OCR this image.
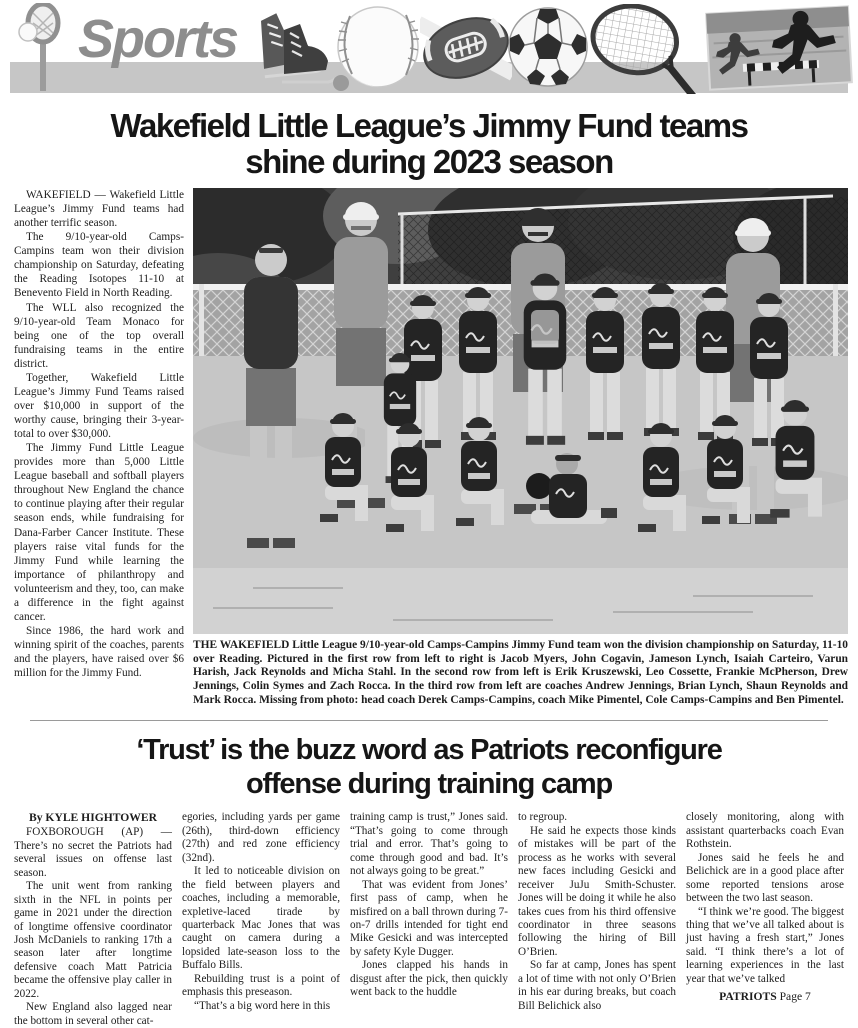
Sports
Wakefield Little League’s Jimmy Fund teams
shine during 2023 season

WAKEFIELD — Wakefield Little League’s Jimmy Fund teams had another terrific season.

The 9/10-year-old Camps-Campins team won their division championship on Saturday, defeating the Reading Isotopes 11-10 at Benevento Field in North Reading.

The WLL also recognized the 9/10-year-old Team Monaco for being one of the top overall fundraising teams in the entire district.

Together, Wakefield Little League’s Jimmy Fund Teams raised over $10,000 in support of the worthy cause, bringing their 3-year-total to over $30,000.

The Jimmy Fund Little League provides more than 5,000 Little League baseball and softball players throughout New England the chance to continue playing after their regular season ends, while fundraising for Dana-Farber Cancer Institute. These players raise vital funds for the Jimmy Fund while learning the importance of philanthropy and volunteerism and they, too, can make a difference in the fight against cancer.

Since 1986, the hard work and winning spirit of the coaches, parents and the players, have raised over $6 million for the Jimmy Fund.

THE WAKEFIELD Little League 9/10-year-old Camps-Campins Jimmy Fund team won the division championship on Saturday, 11-10 over Reading. Pictured in the first row from left to right is Jacob Myers, John Cogavin, Jameson Lynch, Isaiah Carteiro, Varun Harish, Jack Reynolds and Micha Stahl. In the second row from left is Erik Kruszewski, Leo Cossette, Frankie McPherson, Drew Jennings, Colin Symes and Zach Rocca. In the third row from left are coaches Andrew Jennings, Brian Lynch, Shaun Reynolds and Mark Rocca. Missing from photo: head coach Derek Camps-Campins, coach Mike Pimentel, Cole Camps-Campins and Ben Pimentel.
‘Trust’ is the buzz word as Patriots reconfigure
offense during training camp

By KYLE HIGHTOWER

FOXBOROUGH (AP) — There’s no secret the Patriots had several issues on offense last season.

The unit went from ranking sixth in the NFL in points per game in 2021 under the direction of longtime offensive coordinator Josh McDaniels to ranking 17th a season later after longtime defensive coach Matt Patricia became the offensive play caller in 2022.

New England also lagged near the bottom in several other cat-

egories, including yards per game (26th), third-down efficiency (27th) and red zone efficiency (32nd).

It led to noticeable division on the field between players and coaches, including a memorable, expletive-laced tirade by quarterback Mac Jones that was caught on camera during a lopsided late-season loss to the Buffalo Bills.

Rebuilding trust is a point of emphasis this preseason.

“That’s a big word here in this

training camp is trust,” Jones said. “That’s going to come through trial and error. That’s going to come through good and bad. It’s not always going to be great.”

That was evident from Jones’ first pass of camp, when he misfired on a ball thrown during 7-on-7 drills intended for tight end Mike Gesicki and was intercepted by safety Kyle Dugger.

Jones clapped his hands in disgust after the pick, then quickly went back to the huddle

to regroup.

He said he expects those kinds of mistakes will be part of the process as he works with several new faces including Gesicki and receiver JuJu Smith-Schuster. Jones will be doing it while he also takes cues from his third offensive coordinator in three seasons following the hiring of Bill O’Brien.

So far at camp, Jones has spent a lot of time with not only O’Brien in his ear during breaks, but coach Bill Belichick also

closely monitoring, along with assistant quarterbacks coach Evan Rothstein.

Jones said he feels he and Belichick are in a good place after some reported tensions arose between the two last season.

“I think we’re good. The biggest thing that we’ve all talked about is just having a fresh start,” Jones said. “I think there’s a lot of learning experiences in the last year that we’ve talked

PATRIOTS Page 7
